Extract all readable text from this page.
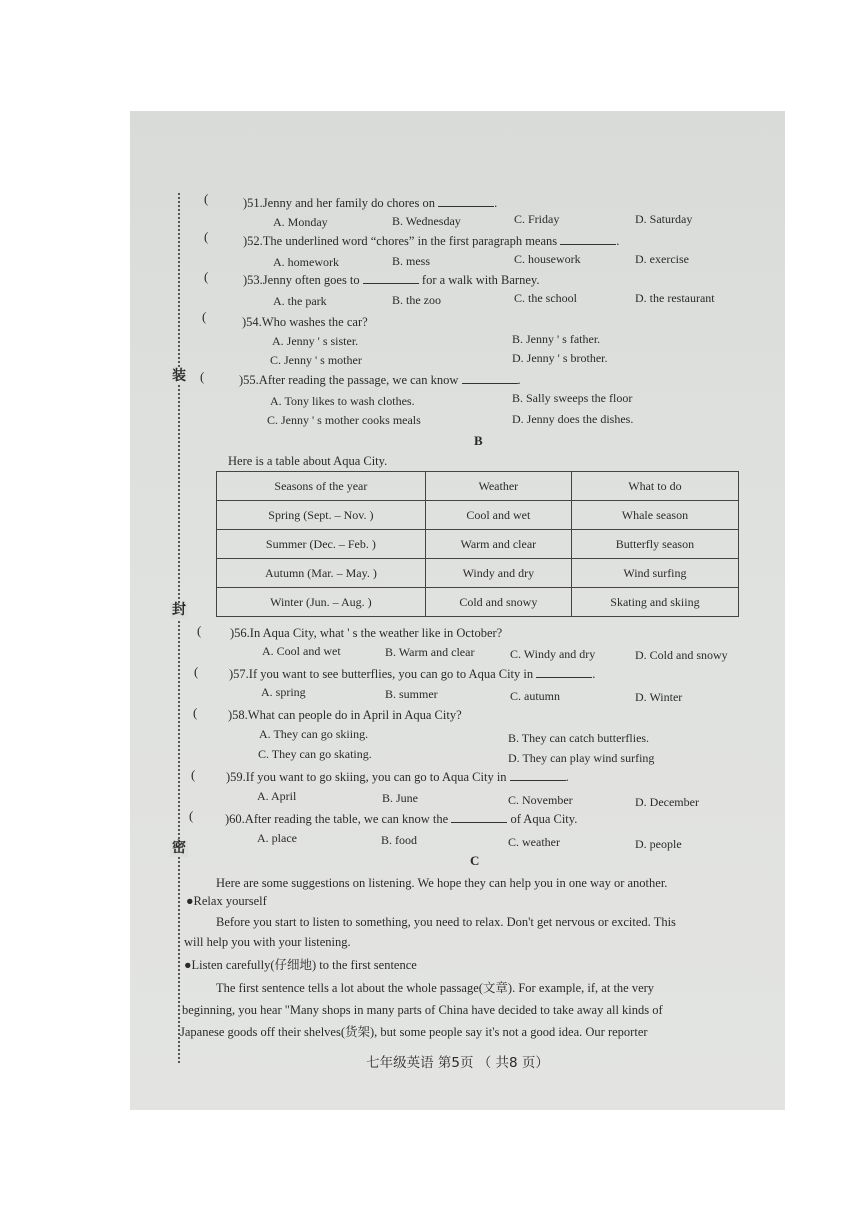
装
封
密
(	)51.Jenny and her family do chores on	.
A. Monday	B. Wednesday	C. Friday	D. Saturday
(	)52.The underlined word “chores” in the first paragraph means	.
A. homework	B. mess	C. housework	D. exercise
(	)53.Jenny often goes to	for a walk with Barney.
A. the park	B. the zoo	C. the school	D. the restaurant
(	)54.Who washes the car?
A. Jenny ' s sister.	B. Jenny ' s father.
C. Jenny ' s mother	D. Jenny ' s brother.
(	)55.After reading the passage, we can know	.
A. Tony likes to wash clothes.	B. Sally sweeps the floor
C. Jenny ' s mother cooks meals	D. Jenny does the dishes.
B
Here is a table about Aqua City.
Seasons of the year	Weather	What to do
Spring (Sept. – Nov. )	Cool and wet	Whale season
Summer (Dec. – Feb. )	Warm and clear	Butterfly season
Autumn (Mar. – May. )	Windy and dry	Wind surfing
Winter (Jun. – Aug. )	Cold and snowy	Skating and skiing
( )56.In Aqua City, what ' s the weather like in October?
A. Cool and wet	B. Warm and clear	C. Windy and dry	D. Cold and snowy
( )57.If you want to see butterflies, you can go to Aqua City in	.
A. spring	B. summer	C. autumn	D. Winter
( )58.What can people do in April in Aqua City?
A. They can go skiing.	B. They can catch butterflies.
C. They can go skating.	D. They can play wind surfing
( )59.If you want to go skiing, you can go to Aqua City in	.
A. April	B. June	C. November	D. December
(	)60.After reading the table, we can know the	of Aqua City.
A. place	B. food	C. weather	D. people
C
Here are some suggestions on listening. We hope they can help you in one way or another.
●Relax yourself
Before you start to listen to something, you need to relax. Don't get nervous or excited. This
will help you with your listening.
●Listen carefully(仔细地) to the first sentence
The first sentence tells a lot about the whole passage(文章). For example, if, at the very
beginning, you hear "Many shops in many parts of China have decided to take away all kinds of
Japanese goods off their shelves(货架), but some people say it's not a good idea. Our reporter
七年级英语 第5页 （ 共8 页）
